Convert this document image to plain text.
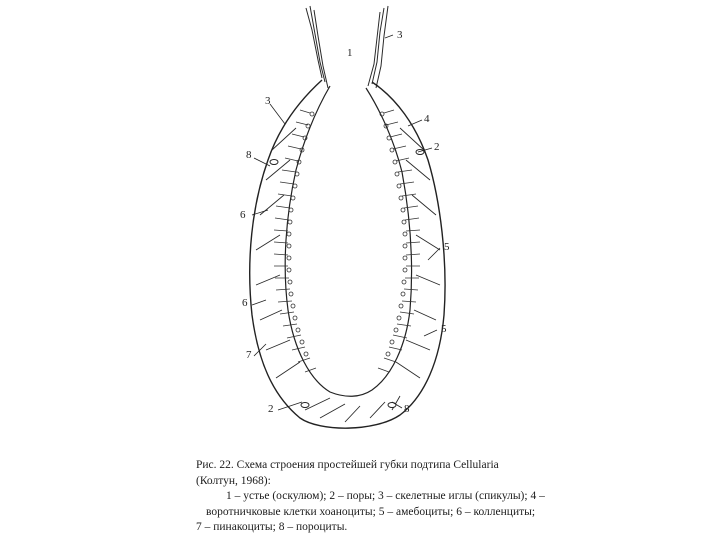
1
3
3
4
2
8
6
5
6
5
7
2	8
Рис. 22. Схема строения простейшей губки подтипа Cellularia
(Колтун, 1968):
1 – устье (оскулюм); 2 – поры; 3 – скелетные иглы (спикулы); 4 –
воротничковые клетки хоаноциты; 5 – амебоциты; 6 – колленциты;
7 – пинакоциты; 8 – пороциты.
